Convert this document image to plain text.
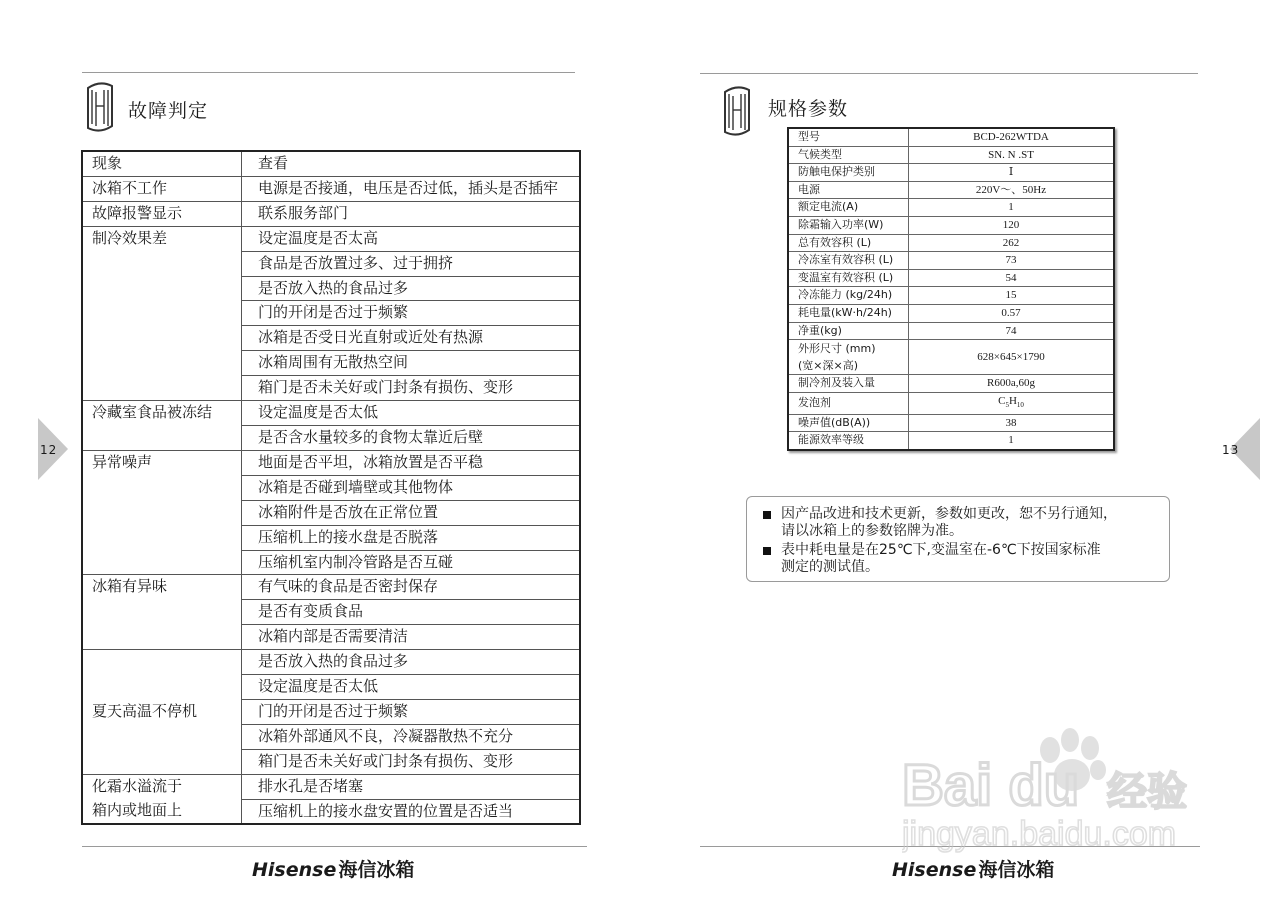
故障判定
现象	查看
冰箱不工作	电源是否接通，电压是否过低，插头是否插牢
故障报警显示	联系服务部门
制冷效果差	设定温度是否太高
	食品是否放置过多、过于拥挤
	是否放入热的食品过多
	门的开闭是否过于频繁
	冰箱是否受日光直射或近处有热源
	冰箱周围有无散热空间
	箱门是否未关好或门封条有损伤、变形
冷藏室食品被冻结	设定温度是否太低
	是否含水量较多的食物太靠近后壁
异常噪声	地面是否平坦，冰箱放置是否平稳
	冰箱是否碰到墙壁或其他物体
	冰箱附件是否放在正常位置
	压缩机上的接水盘是否脱落
	压缩机室内制冷管路是否互碰
冰箱有异味	有气味的食品是否密封保存
	是否有变质食品
	冰箱内部是否需要清洁
夏天高温不停机	是否放入热的食品过多
	设定温度是否太低
	门的开闭是否过于频繁
	冰箱外部通风不良，冷凝器散热不充分
	箱门是否未关好或门封条有损伤、变形

化霜水溢流于
箱内或地面上	排水孔是否堵塞
	压缩机上的接水盘安置的位置是否适当
Hisense 海信冰箱
12
规格参数
Hisense 海信冰箱
13
型号	BCD-262WTDA
气候类型	SN. N .ST
防触电保护类别	Ⅰ
电源	220V～、50Hz
额定电流(A)	1
除霜输入功率(W)	120
总有效容积 (L)	262
冷冻室有效容积 (L)	73
变温室有效容积 (L)	54
冷冻能力 (kg/24h)	15
耗电量(kW·h/24h)	0.57
净重(kg)	74

外形尺寸 (mm)
(宽×深×高)	628×645×1790
制冷剂及装入量	R600a,60g
发泡剂	$C_5H_{10}$
噪声值(dB(A))	38
能源效率等级	1
因产品改进和技术更新，参数如更改，恕不另行通知，
请以冰箱上的参数铭牌为准。
表中耗电量是在25℃下,变温室在-6℃下按国家标准
测定的测试值。
Bai du 经验
jingyan.baidu.com
